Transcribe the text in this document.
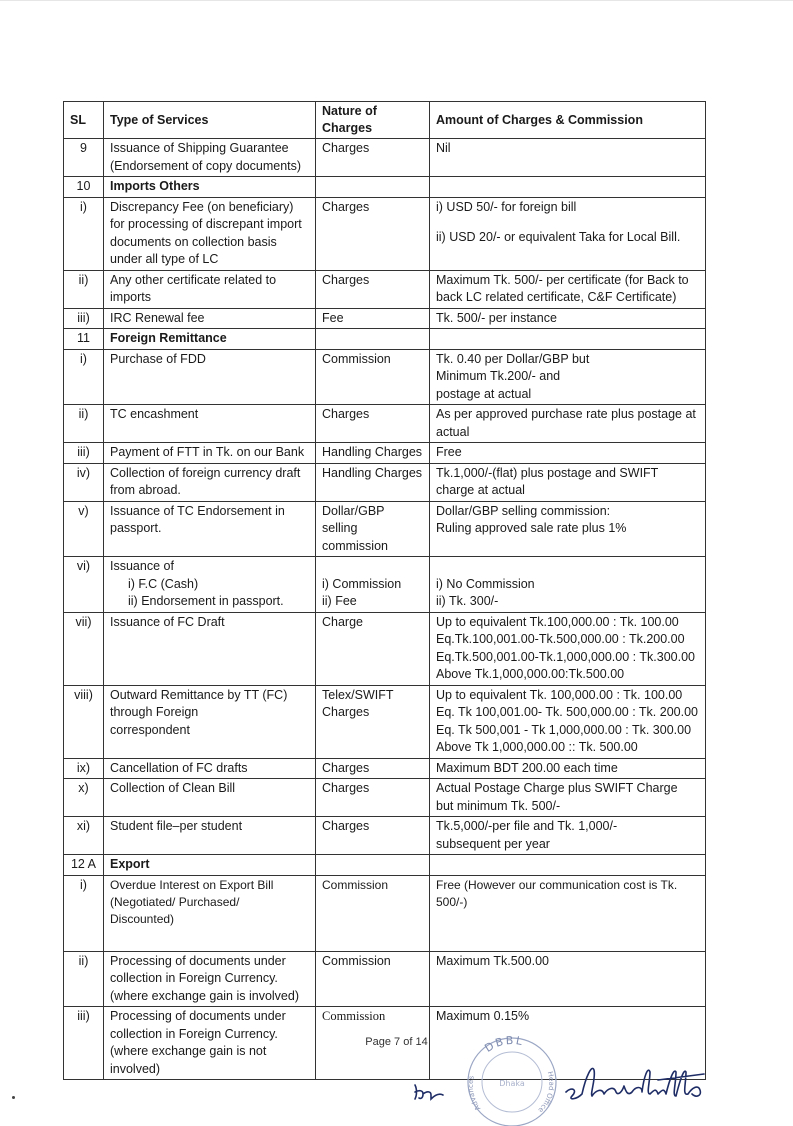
SL	Type of Services	Nature of Charges	Amount of Charges & Commission
9	Issuance of Shipping Guarantee (Endorsement of copy documents)	Charges	Nil
10	Imports Others		
i)	Discrepancy Fee (on beneficiary) for processing of discrepant import documents on collection basis under all type of LC	Charges	i) USD 50/- for foreign bill
ii) USD 20/- or equivalent Taka for Local Bill.

ii)	Any other certificate related to imports	Charges	Maximum Tk. 500/- per certificate (for Back to back LC related certificate, C&F Certificate)
iii)	IRC Renewal fee	Fee	Tk. 500/- per instance
11	Foreign Remittance		
i)	Purchase of FDD	Commission	Tk. 0.40 per Dollar/GBP but
Minimum Tk.200/- and
postage at actual

ii)	TC encashment	Charges	As per approved purchase rate plus postage at actual
iii)	Payment of FTT in Tk. on our Bank	Handling Charges	Free
iv)	Collection of foreign currency draft from abroad.	Handling Charges	Tk.1,000/-(flat) plus postage and SWIFT charge at actual
v)	Issuance of TC Endorsement in passport.	Dollar/GBP selling commission	Dollar/GBP selling commission:
Ruling approved sale rate plus 1%

vi)	Issuance of
i) F.C (Cash)
ii) Endorsement in passport.	i) Commission
ii) Fee	i) No Commission
ii) Tk. 300/-

vii)	Issuance of FC Draft	Charge	Up to equivalent Tk.100,000.00 : Tk. 100.00
Eq.Tk.100,001.00-Tk.500,000.00 : Tk.200.00
Eq.Tk.500,001.00-Tk.1,000,000.00 : Tk.300.00
Above Tk.1,000,000.00:Tk.500.00

viii)	Outward Remittance by TT (FC)
through Foreign
correspondent	Telex/SWIFT
Charges	Up to equivalent Tk. 100,000.00 : Tk. 100.00
Eq. Tk 100,001.00- Tk. 500,000.00 : Tk. 200.00
Eq. Tk 500,001 - Tk 1,000,000.00 : Tk. 300.00
Above Tk 1,000,000.00 :: Tk. 500.00

ix)	Cancellation of FC drafts	Charges	Maximum BDT 200.00 each time
x)	Collection of Clean Bill	Charges	Actual Postage Charge plus SWIFT Charge
but minimum Tk. 500/-

xi)	Student file–per student	Charges	Tk.5,000/-per file and Tk. 1,000/-
subsequent per year

12 A	Export		
i)	Overdue Interest on Export Bill
(Negotiated/ Purchased/
Discounted)	Commission	Free (However our communication cost is Tk. 500/-)
ii)	Processing of documents under
collection in Foreign Currency.
(where exchange gain is involved)	Commission	Maximum Tk.500.00
iii)	Processing of documents under
collection in Foreign Currency.
(where exchange gain is not involved)	Commission	Maximum 0.15%
Page 7 of 14	DBBL
Advances
Head Office
Dhaka
